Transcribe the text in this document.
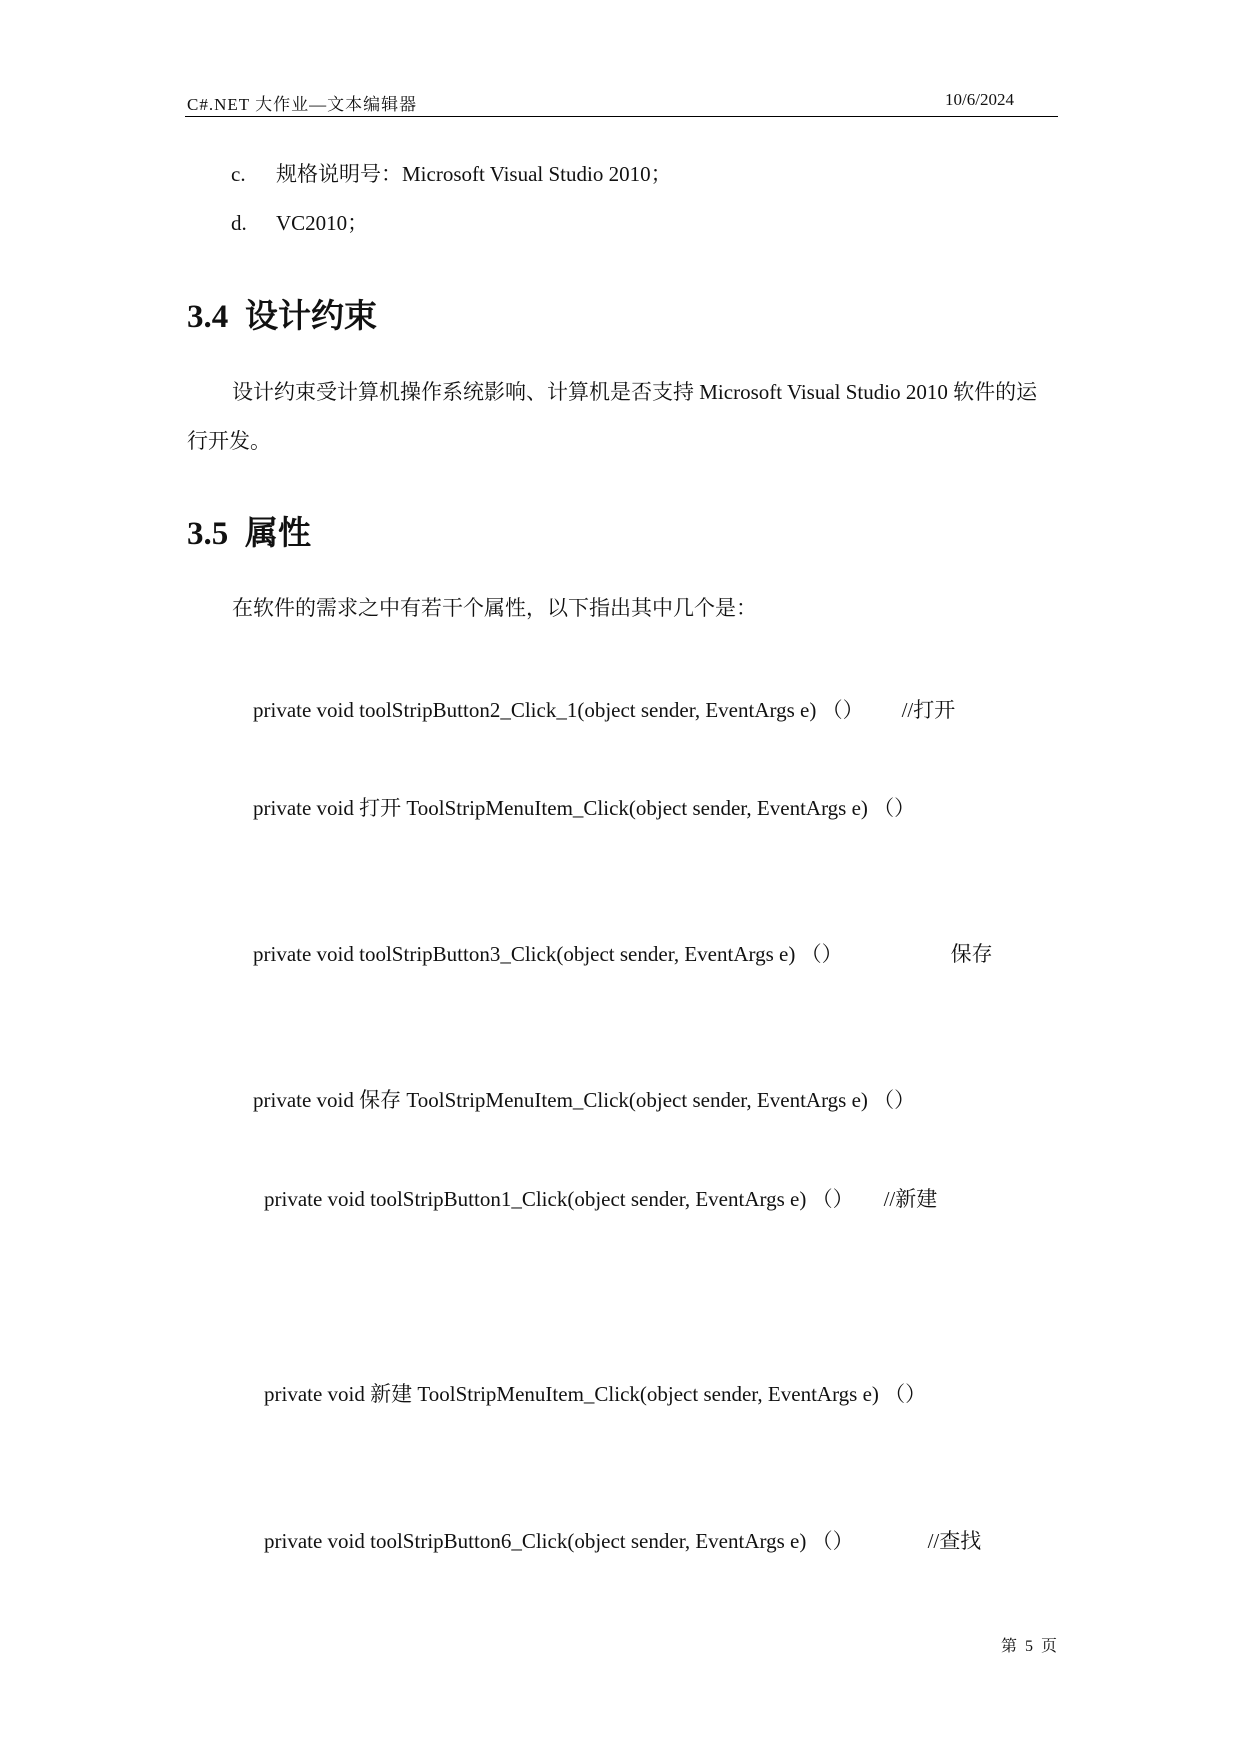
C#.NET 大作业—文本编辑器	10/6/2024
c. 规格说明号：Microsoft Visual Studio 2010；
d. VC2010；
3.4 设计约束
设计约束受计算机操作系统影响、计算机是否支持 Microsoft Visual Studio 2010 软件的运行开发。
3.5 属性
在软件的需求之中有若干个属性，以下指出其中几个是：
private void toolStripButton2_Click_1(object sender, EventArgs e) （） //打开
private void 打开 ToolStripMenuItem_Click(object sender, EventArgs e) （）
private void toolStripButton3_Click(object sender, EventArgs e) （）	保存
private void 保存 ToolStripMenuItem_Click(object sender, EventArgs e) （）
private void toolStripButton1_Click(object sender, EventArgs e) （） //新建
private void 新建 ToolStripMenuItem_Click(object sender, EventArgs e) （）
private void toolStripButton6_Click(object sender, EventArgs e) （）	//查找
第 5 页
